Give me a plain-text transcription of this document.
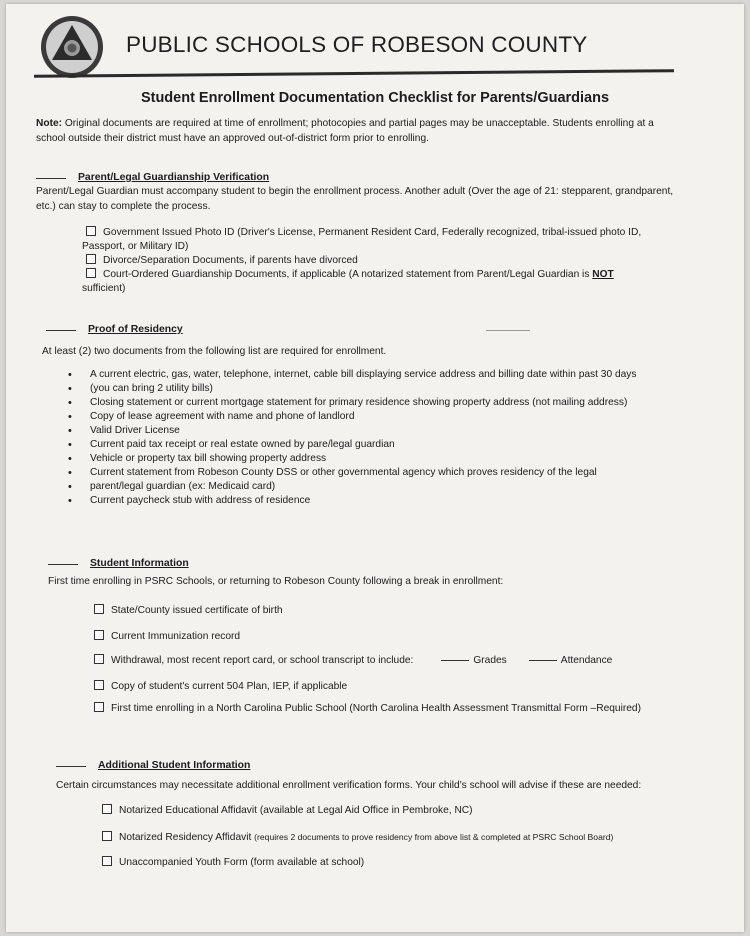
PUBLIC SCHOOLS OF ROBESON COUNTY
Student Enrollment Documentation Checklist for Parents/Guardians

Note: Original documents are required at time of enrollment; photocopies and partial pages may be unacceptable. Students enrolling at a school outside their district must have an approved out-of-district form prior to enrolling.

Parent/Legal Guardianship Verification

Parent/Legal Guardian must accompany student to begin the enrollment process. Another adult (Over the age of 21: stepparent, grandparent, etc.) can stay to complete the process.

Government Issued Photo ID (Driver's License, Permanent Resident Card, Federally recognized, tribal-issued photo ID,
Passport, or Military ID)
Divorce/Separation Documents, if parents have divorced
Court-Ordered Guardianship Documents, if applicable (A notarized statement from Parent/Legal Guardian is NOT
sufficient)
Proof of Residency

At least (2) two documents from the following list are required for enrollment.

• A current electric, gas, water, telephone, internet, cable bill displaying service address and billing date within past 30 days
• (you can bring 2 utility bills)
• Closing statement or current mortgage statement for primary residence showing property address (not mailing address)
• Copy of lease agreement with name and phone of landlord
• Valid Driver License
• Current paid tax receipt or real estate owned by pare/legal guardian
• Vehicle or property tax bill showing property address
• Current statement from Robeson County DSS or other governmental agency which proves residency of the legal
• parent/legal guardian (ex: Medicaid card)
• Current paycheck stub with address of residence
Student Information

First time enrolling in PSRC Schools, or returning to Robeson County following a break in enrollment:

State/County issued certificate of birth
Current Immunization record
Withdrawal, most recent report card, or school transcript to include:	Grades	Attendance
Copy of student's current 504 Plan, IEP, if applicable
First time enrolling in a North Carolina Public School (North Carolina Health Assessment Transmittal Form –Required)
Additional Student Information

Certain circumstances may necessitate additional enrollment verification forms. Your child's school will advise if these are needed:

Notarized Educational Affidavit (available at Legal Aid Office in Pembroke, NC)
Notarized Residency Affidavit (requires 2 documents to prove residency from above list & completed at PSRC School Board)
Unaccompanied Youth Form (form available at school)
